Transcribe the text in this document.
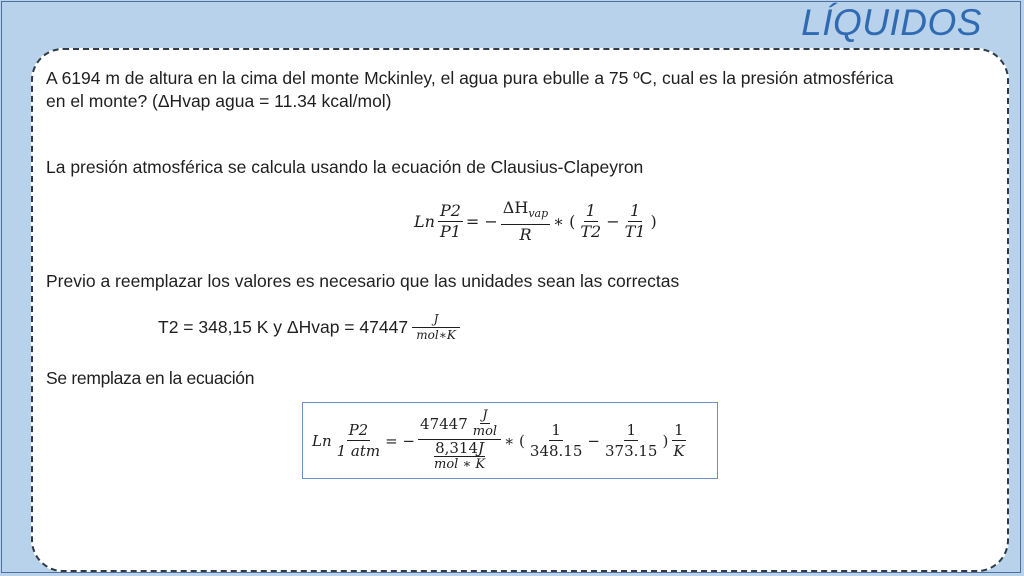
LÍQUIDOS
A 6194 m de altura en la cima del monte Mckinley, el agua pura ebulle a 75 ºC, cual es la presión atmosférica
en el monte? (ΔHvap agua = 11.34 kcal/mol)
La presión atmosférica se calcula usando la ecuación de Clausius-Clapeyron
Ln $\frac{P2}{P1}$ = − $\frac{\Delta H_{vap}}{R}$ ∗ ( $\frac{1}{T2} - \frac{1}{T1}$ )
Previo a reemplazar los valores es necesario que las unidades sean las correctas
T2 = 348,15 K y ΔHvap = $47447 \frac{J}{\text{mol∗K}}$
Se remplaza en la ecuación
Ln $\frac{P2}{\text{1 atm}}$ = − $47447 \frac{J}{\text{mol}}$
8,314J
mol ∗ K ∗ ( $\frac{1}{348.15} - \frac{1}{373.15}$ ) $\frac{1}{K}$
